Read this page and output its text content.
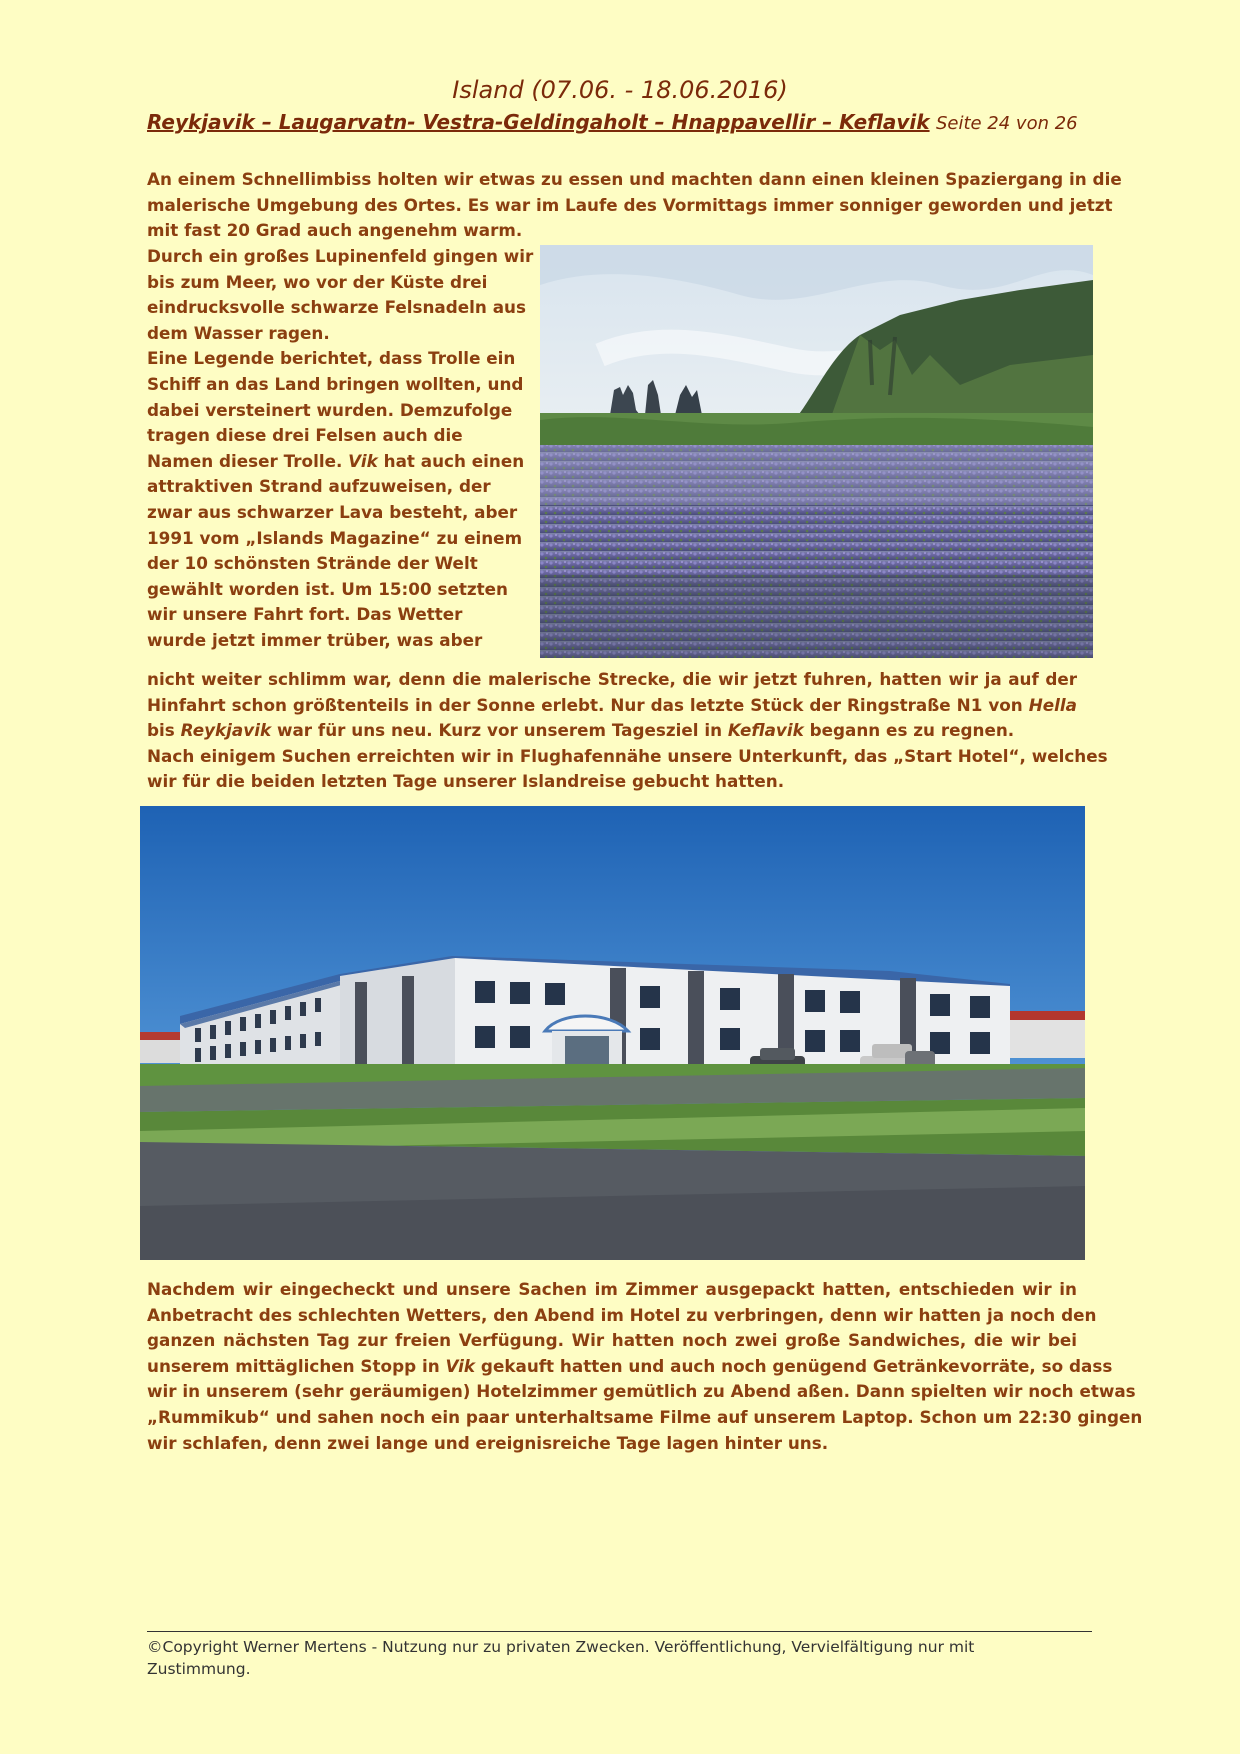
Island (07.06. - 18.06.2016)
Reykjavik – Laugarvatn- Vestra-Geldingaholt – Hnappavellir – Keflavik Seite 24 von 26
An einem Schnellimbiss holten wir etwas zu essen und machten dann einen kleinen Spaziergang in die
malerische Umgebung des Ortes. Es war im Laufe des Vormittags immer sonniger geworden und jetzt
mit fast 20 Grad auch angenehm warm.
Durch ein großes Lupinenfeld gingen wir
bis zum Meer, wo vor der Küste drei
eindrucksvolle schwarze Felsnadeln aus
dem Wasser ragen.
Eine Legende berichtet, dass Trolle ein
Schiff an das Land bringen wollten, und
dabei versteinert wurden. Demzufolge
tragen diese drei Felsen auch die
Namen dieser Trolle. Vik hat auch einen
attraktiven Strand aufzuweisen, der
zwar aus schwarzer Lava besteht, aber
1991 vom „Islands Magazine“ zu einem
der 10 schönsten Strände der Welt
gewählt worden ist. Um 15:00 setzten
wir unsere Fahrt fort. Das Wetter
wurde jetzt immer trüber, was aber
nicht weiter schlimm war, denn die malerische Strecke, die wir jetzt fuhren, hatten wir ja auf der
Hinfahrt schon größtenteils in der Sonne erlebt. Nur das letzte Stück der Ringstraße N1 von Hella
bis Reykjavik war für uns neu. Kurz vor unserem Tagesziel in Keflavik begann es zu regnen.
Nach einigem Suchen erreichten wir in Flughafennähe unsere Unterkunft, das „Start Hotel“, welches
wir für die beiden letzten Tage unserer Islandreise gebucht hatten.
Nachdem wir eingecheckt und unsere Sachen im Zimmer ausgepackt hatten, entschieden wir in
Anbetracht des schlechten Wetters, den Abend im Hotel zu verbringen, denn wir hatten ja noch den
ganzen nächsten Tag zur freien Verfügung. Wir hatten noch zwei große Sandwiches, die wir bei
unserem mittäglichen Stopp in Vik gekauft hatten und auch noch genügend Getränkevorräte, so dass
wir in unserem (sehr geräumigen) Hotelzimmer gemütlich zu Abend aßen. Dann spielten wir noch etwas
„Rummikub“ und sahen noch ein paar unterhaltsame Filme auf unserem Laptop. Schon um 22:30 gingen
wir schlafen, denn zwei lange und ereignisreiche Tage lagen hinter uns.
©Copyright Werner Mertens - Nutzung nur zu privaten Zwecken. Veröffentlichung, Vervielfältigung nur mit
Zustimmung.
